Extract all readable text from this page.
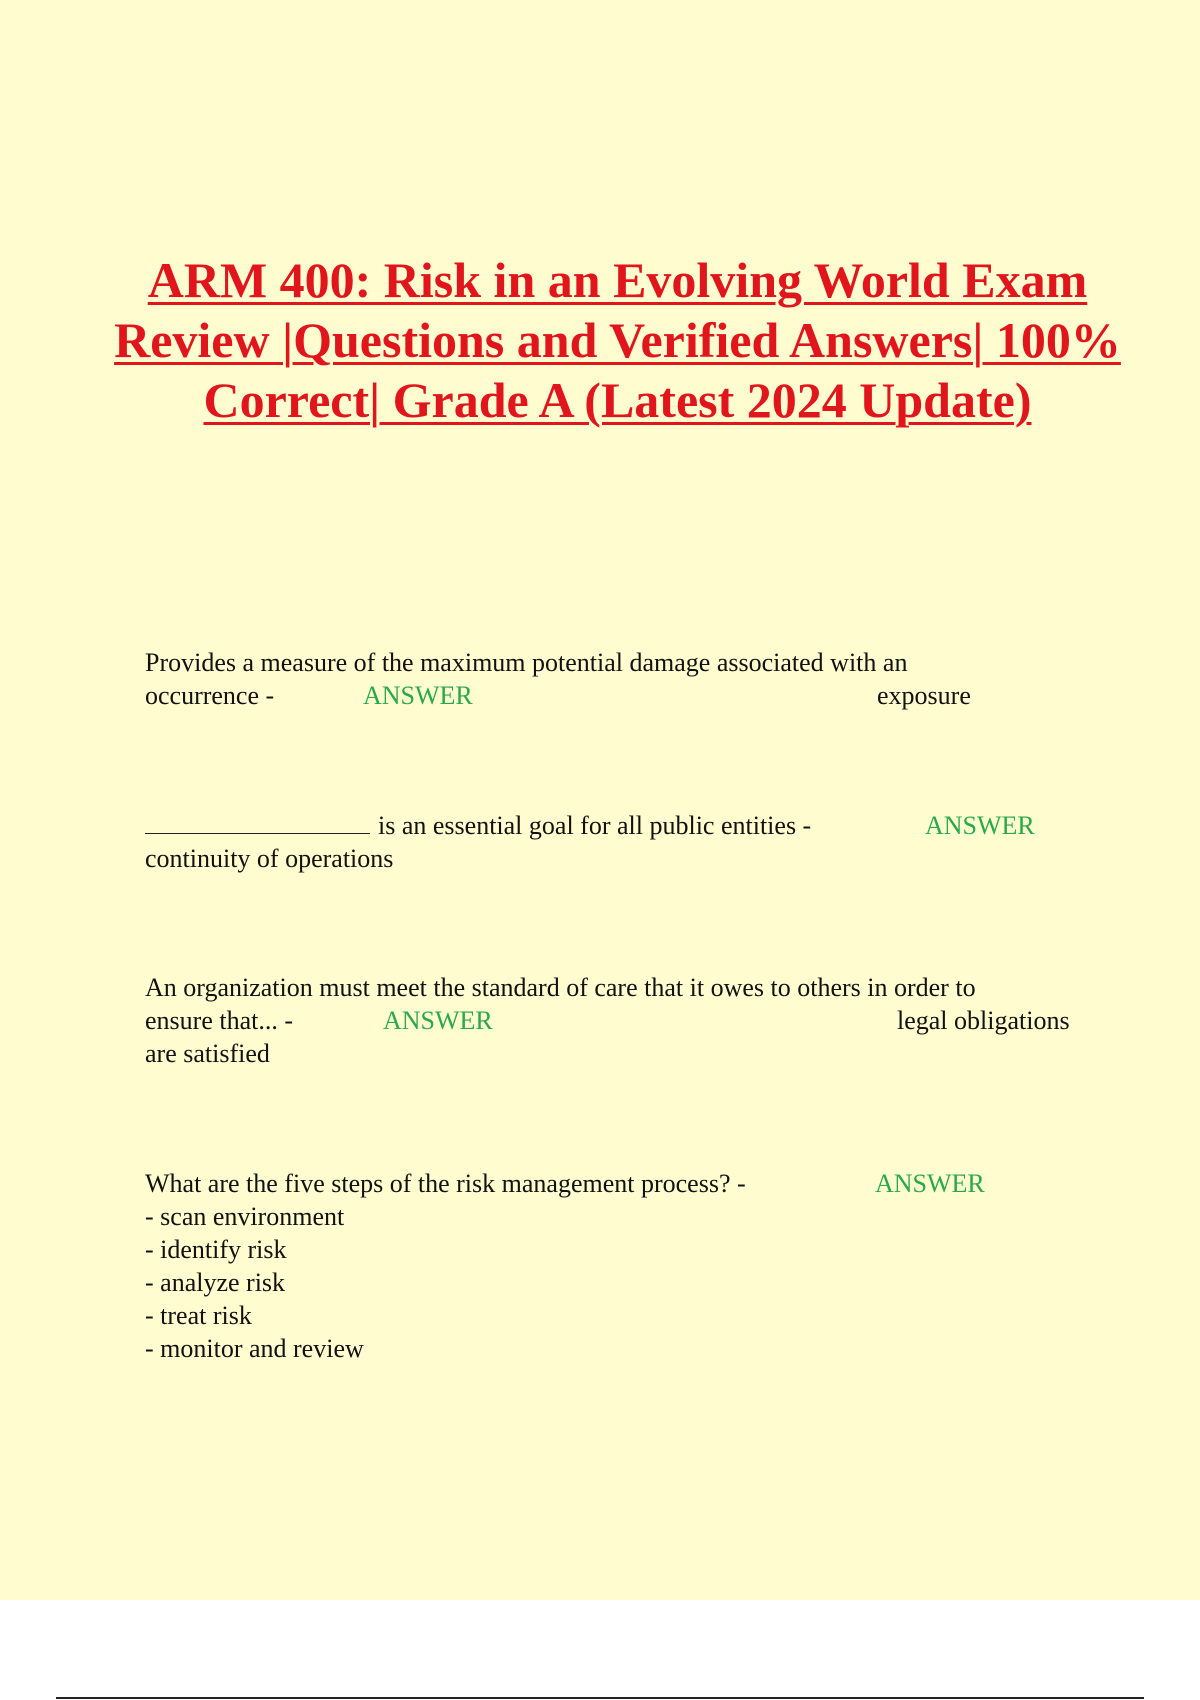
ARM 400: Risk in an Evolving World Exam Review |Questions and Verified Answers| 100% Correct| Grade A (Latest 2024 Update)
Provides a measure of the maximum potential damage associated with an
occurrence -	ANSWER	exposure
is an essential goal for all public entities -	ANSWER
continuity of operations
An organization must meet the standard of care that it owes to others in order to
ensure that... -	ANSWER	legal obligations
are satisfied
What are the five steps of the risk management process? -	ANSWER
- scan environment
- identify risk
- analyze risk
- treat risk
- monitor and review
